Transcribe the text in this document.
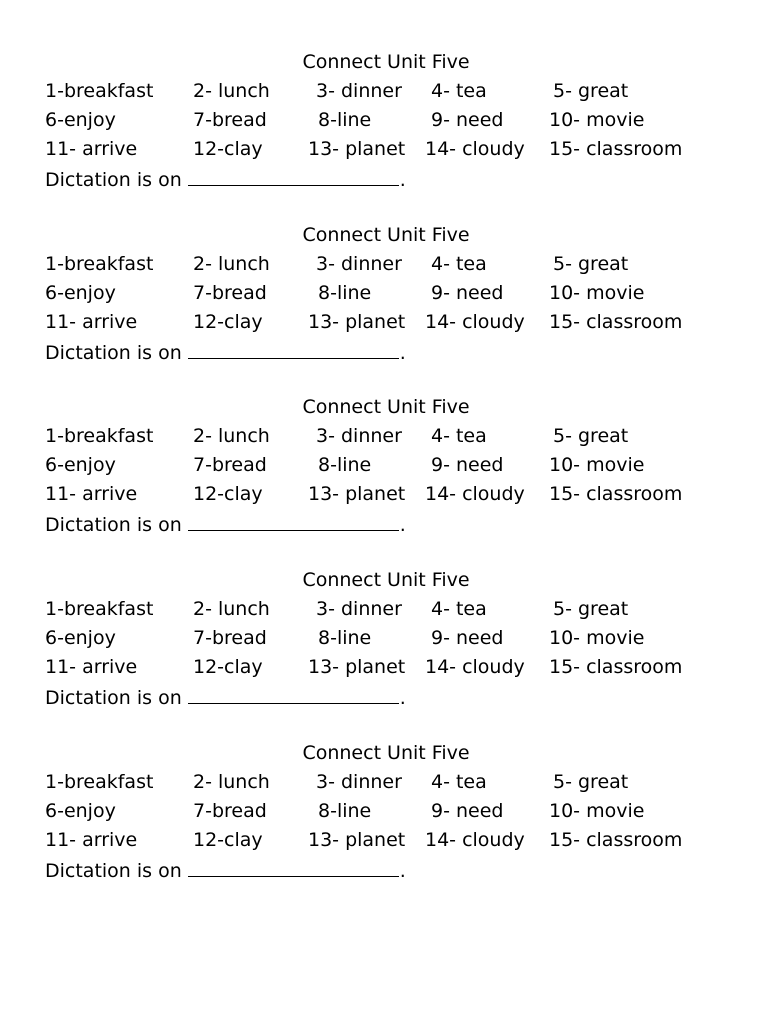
Connect Unit Five
1-breakfast 2- lunch 3- dinner 4- tea	5- great
6-enjoy	7-bread	8-line	9- need 10- movie
11- arrive	12-clay 13- planet 14- cloudy 15- classroom
Dictation is on	.
Connect Unit Five
1-breakfast 2- lunch 3- dinner 4- tea	5- great
6-enjoy	7-bread	8-line	9- need 10- movie
11- arrive	12-clay 13- planet 14- cloudy 15- classroom
Dictation is on	.
Connect Unit Five
1-breakfast 2- lunch 3- dinner 4- tea	5- great
6-enjoy	7-bread	8-line	9- need 10- movie
11- arrive	12-clay 13- planet 14- cloudy 15- classroom
Dictation is on	.
Connect Unit Five
1-breakfast 2- lunch 3- dinner 4- tea	5- great
6-enjoy	7-bread	8-line	9- need 10- movie
11- arrive	12-clay 13- planet 14- cloudy 15- classroom
Dictation is on	.
Connect Unit Five
1-breakfast 2- lunch 3- dinner 4- tea	5- great
6-enjoy	7-bread	8-line	9- need 10- movie
11- arrive	12-clay 13- planet 14- cloudy 15- classroom
Dictation is on	.
